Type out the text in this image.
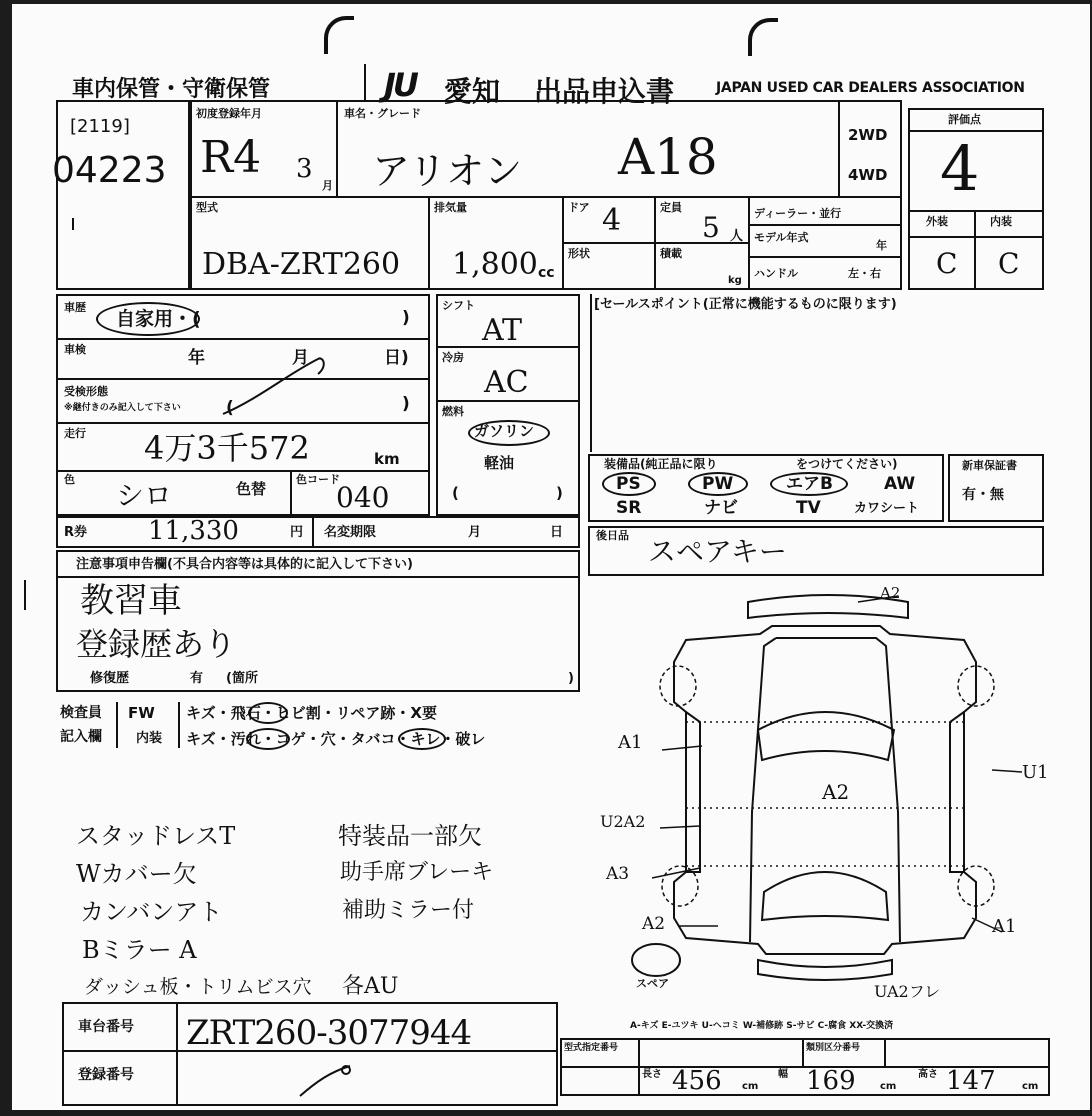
車内保管・守衛保管	JU 愛知 出品申込書	JAPAN USED CAR DEALERS ASSOCIATION
[2119]
04223
初度登録年月
R4 3
月
車名・グレード
アリオン A18	2WD
4WD
型式
DBA-ZRT260
排気量
1,800 cc
ドア 4	定員
5 人
形状	積載
kg
ディーラー・並行
モデル年式
年
ハンドル	左・右
評価点
4
外装	内装
C C
車歴
自家用・(	)
車検	年	月	日)
受検形態
※継付きのみ記入して下さい	(	)
走行 4万3千572	km
色 シロ	色替
色コード
040
シフト
AT
冷房
AC
燃料
ガソリン
軽油
(	)
R券 11,330	円 名変期限	月	日
注意事項申告欄(不具合内容等は具体的に記入して下さい)
教習車
登録歴あり
修復歴	有 (箇所	)
検査員
記入欄
FW キズ・飛石・ヒビ割・リペア跡・X要
内装 キズ・汚れ・コゲ・穴・タバコ・キレ・破レ
スタッドレスT
Wカバー欠
カンバンアト
Bミラー A
ダッシュ板・トリムビス穴
特装品一部欠
助手席ブレーキ
補助ミラー付
各AU
車台番号 ZRT260-3077944
登録番号
[セールスポイント(正常に機能するものに限ります)
装備品(純正品に限り	をつけてください)
PS	PW	エアB	AW
SR	ナビ	TV	カワシート
新車保証書
有・無
後日品 スペアキー
A2
A2
A1
U2A2
A3
A2
U1
A1
UA2フレ
スペア
A-キズ E-ユツキ U-ヘコミ W-補修跡 S-サビ C-腐食 XX-交換済
型式指定番号	類別区分番号
長さ 456 cm
幅 169 cm
高さ 147	cm
